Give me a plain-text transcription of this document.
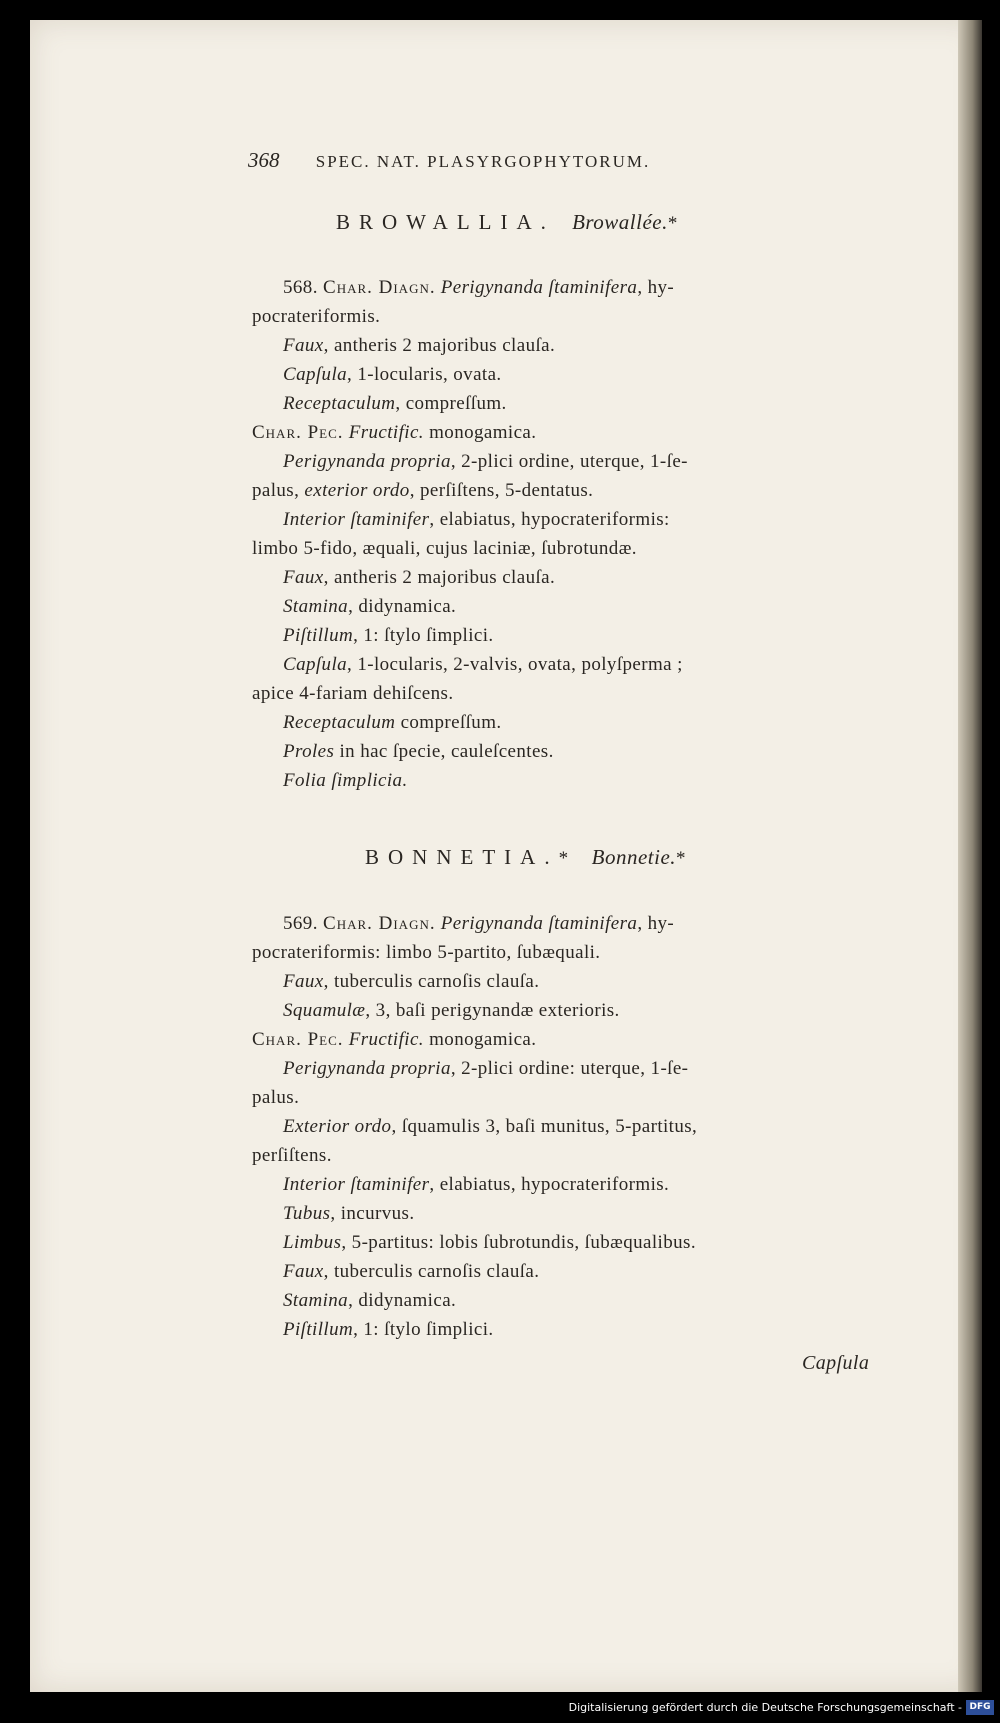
368 SPEC. NAT. PLASYRGOPHYTORUM.
BROWALLIA. Browallée.*
568. Char. Diagn. Perigynanda ſtaminifera, hy-
pocrateriformis.
Faux, antheris 2 majoribus clauſa.
Capſula, 1-locularis, ovata.
Receptaculum, compreſſum.
Char. Pec. Fructific. monogamica.
Perigynanda propria, 2-plici ordine, uterque, 1-ſe-
palus, exterior ordo, perſiſtens, 5-dentatus.
Interior ſtaminifer, elabiatus, hypocrateriformis:
limbo 5-fido, æquali, cujus laciniæ, ſubrotundæ.
Faux, antheris 2 majoribus clauſa.
Stamina, didynamica.
Piſtillum, 1: ſtylo ſimplici.
Capſula, 1-locularis, 2-valvis, ovata, polyſperma ;
apice 4-fariam dehiſcens.
Receptaculum compreſſum.
Proles in hac ſpecie, cauleſcentes.
Folia ſimplicia.
BONNETIA.* Bonnetie.*
569. Char. Diagn. Perigynanda ſtaminifera, hy-
pocrateriformis: limbo 5-partito, ſubæquali.
Faux, tuberculis carnoſis clauſa.
Squamulæ, 3, baſi perigynandæ exterioris.
Char. Pec. Fructific. monogamica.
Perigynanda propria, 2-plici ordine: uterque, 1-ſe-
palus.
Exterior ordo, ſquamulis 3, baſi munitus, 5-partitus,
perſiſtens.
Interior ſtaminifer, elabiatus, hypocrateriformis.
Tubus, incurvus.
Limbus, 5-partitus: lobis ſubrotundis, ſubæqualibus.
Faux, tuberculis carnoſis clauſa.
Stamina, didynamica.
Piſtillum, 1: ſtylo ſimplici.
Capſula
Digitalisierung gefördert durch die Deutsche Forschungsgemeinschaft - DFG
